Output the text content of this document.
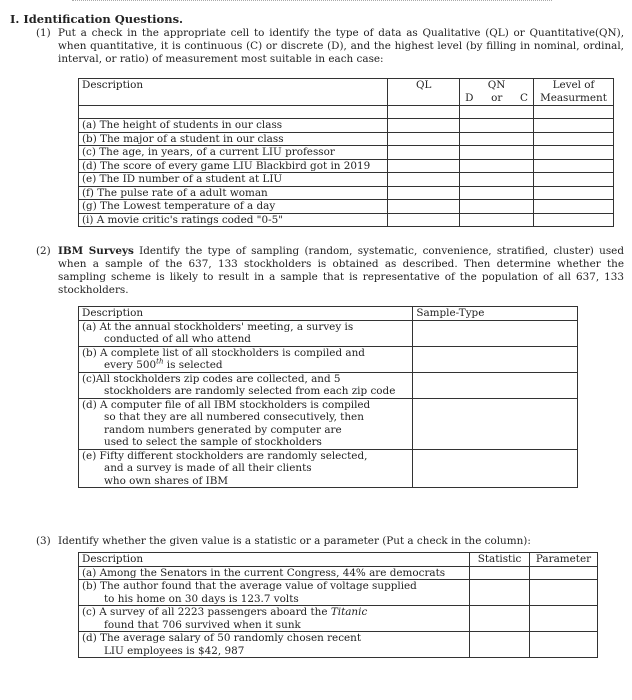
I. Identification Questions.
(1) Put a check in the appropriate cell to identify the type of data as Qualitative (QL) or Quantitative(QN), when quantitative, it is continuous (C) or discrete (D), and the highest level (by filling in nominal, ordinal, interval, or ratio) of measurement most suitable in each case:
Description	QL	QN	Level of

		D or C	Measurment

(a) The height of students in our class			
(b) The major of a student in our class			
(c) The age, in years, of a current LIU professor			
(d) The score of every game LIU Blackbird got in 2019			
(e) The ID number of a student at LIU			
(f) The pulse rate of a adult woman			
(g) The Lowest temperature of a day			
(i) A movie critic's ratings coded "0-5"			
(2) IBM Surveys Identify the type of sampling (random, systematic, convenience, stratified, cluster) used when a sample of the 637, 133 stockholders is obtained as described. Then determine whether the sampling scheme is likely to result in a sample that is representative of the population of all 637, 133 stockholders.
Description	Sample-Type
(a) At the annual stockholders' meeting, a survey is
conducted of all who attend	

(b) A complete list of all stockholders is compiled and
every 500th is selected	

(c)All stockholders zip codes are collected, and 5
stockholders are randomly selected from each zip code	

(d) A computer file of all IBM stockholders is compiled
so that they are all numbered consecutively, then
random numbers generated by computer are
used to select the sample of stockholders	

(e) Fifty different stockholders are randomly selected,
and a survey is made of all their clients
who own shares of IBM	

(3) Identify whether the given value is a statistic or a parameter (Put a check in the column):
Description	Statistic	Parameter
(a) Among the Senators in the current Congress, 44% are democrats		
(b) The author found that the average value of voltage supplied
to his home on 30 days is 123.7 volts		

(c) A survey of all 2223 passengers aboard the Titanic
found that 706 survived when it sunk		

(d) The average salary of 50 randomly chosen recent
LIU employees is $42, 987		
